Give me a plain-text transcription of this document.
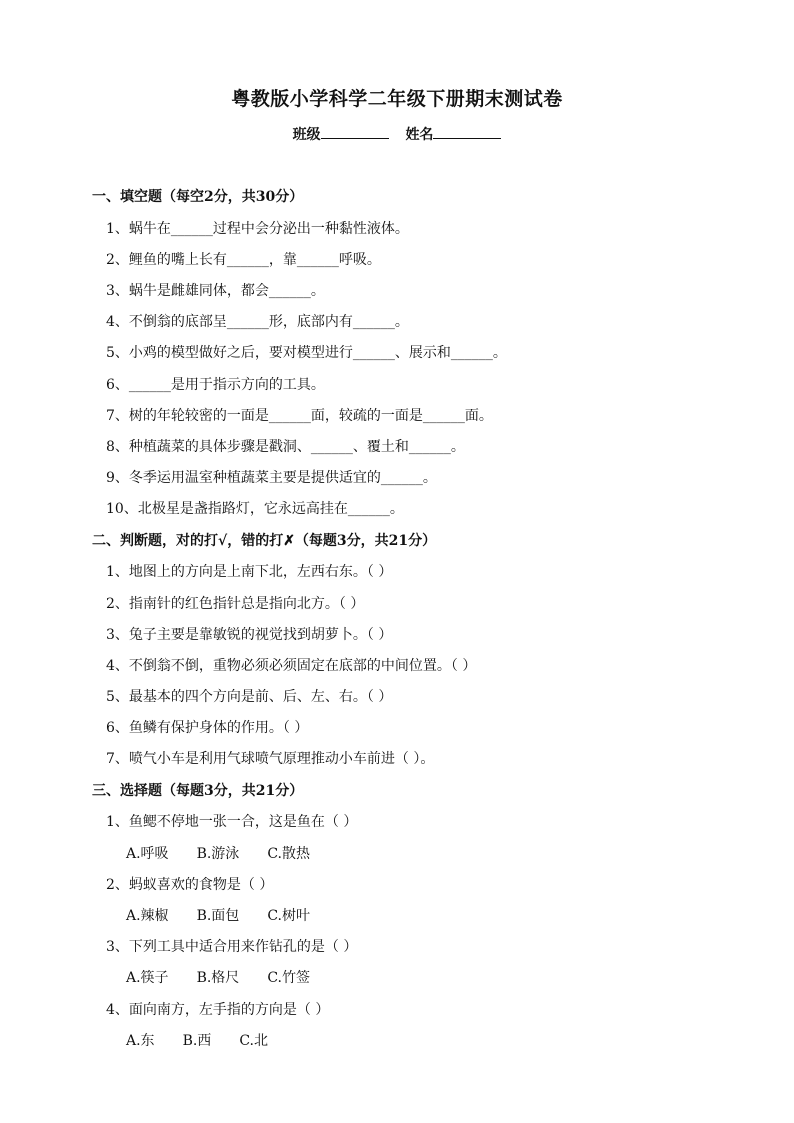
粤教版小学科学二年级下册期末测试卷
班级	姓名
一、填空题（每空2分，共30分）
1、蜗牛在______过程中会分泌出一种黏性液体。
2、鲤鱼的嘴上长有______，靠______呼吸。
3、蜗牛是雌雄同体，都会______。
4、不倒翁的底部呈______形，底部内有______。
5、小鸡的模型做好之后，要对模型进行______、展示和______。
6、______是用于指示方向的工具。
7、树的年轮较密的一面是______面，较疏的一面是______面。
8、种植蔬菜的具体步骤是戳洞、______、覆土和______。
9、冬季运用温室种植蔬菜主要是提供适宜的______。
10、北极星是盏指路灯，它永远高挂在______。
二、判断题，对的打√，错的打✗（每题3分，共21分）
1、地图上的方向是上南下北，左西右东。（ ）
2、指南针的红色指针总是指向北方。（ ）
3、兔子主要是靠敏锐的视觉找到胡萝卜。（ ）
4、不倒翁不倒，重物必须必须固定在底部的中间位置。（ ）
5、最基本的四个方向是前、后、左、右。（ ）
6、鱼鳞有保护身体的作用。（ ）
7、喷气小车是利用气球喷气原理推动小车前进（ ）。
三、选择题（每题3分，共21分）
1、鱼鳃不停地一张一合，这是鱼在（ ）
A.呼吸 B.游泳 C.散热
2、蚂蚁喜欢的食物是（ ）
A.辣椒 B.面包 C.树叶
3、下列工具中适合用来作钻孔的是（ ）
A.筷子 B.格尺 C.竹签
4、面向南方，左手指的方向是（ ）
A.东 B.西 C.北
